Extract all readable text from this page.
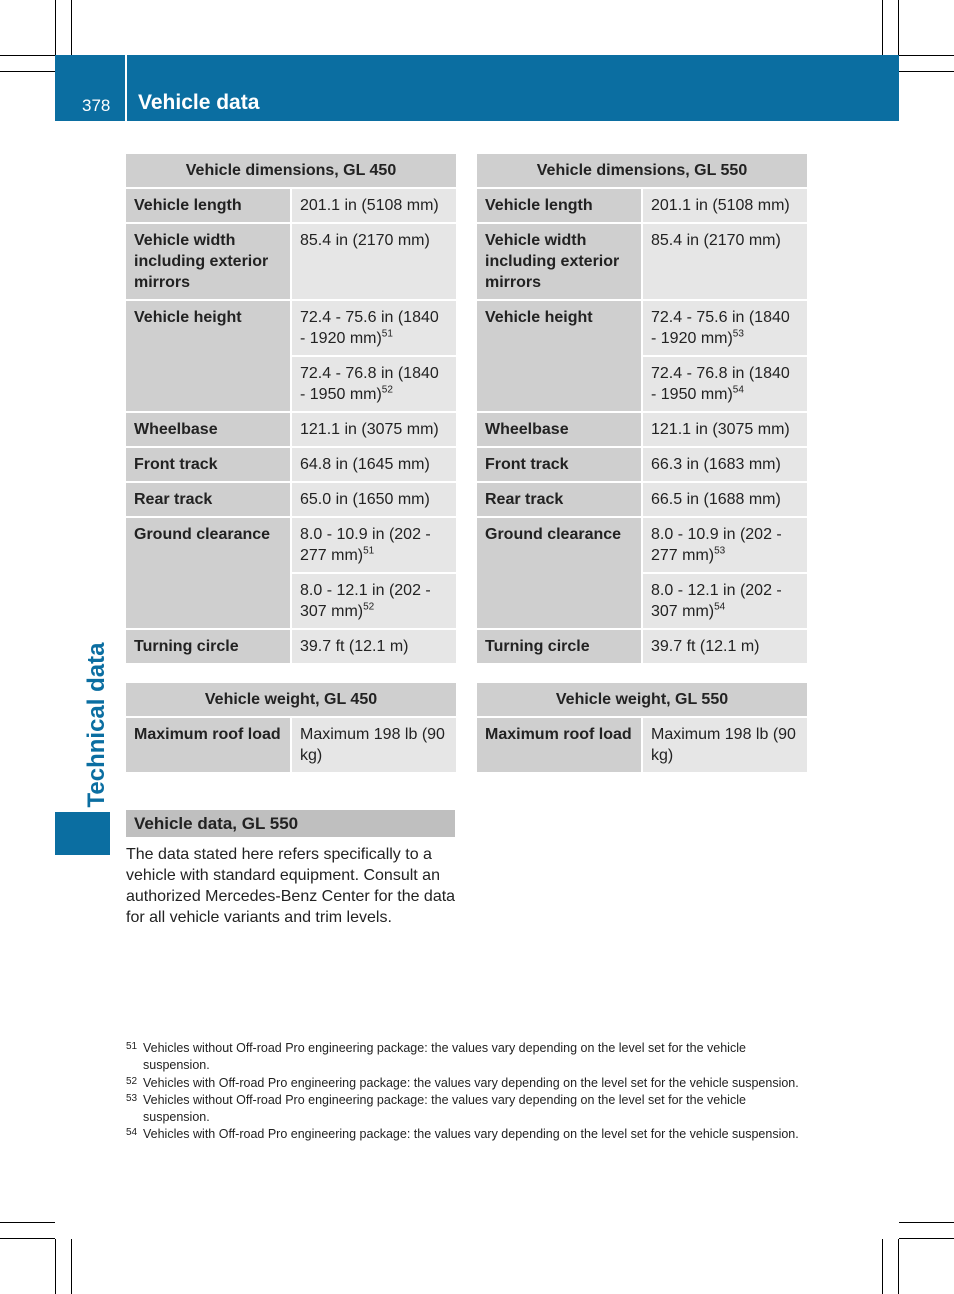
378 Vehicle data
Technical data
Vehicle dimensions, GL 450	
Vehicle length	201.1 in (5108 mm)
Vehicle width including exterior mirrors	85.4 in (2170 mm)
Vehicle height	72.4 - 75.6 in (1840 - 1920 mm)$^{51}$
	72.4 - 76.8 in (1840 - 1950 mm)$^{52}$
Wheelbase	121.1 in (3075 mm)
Front track	64.8 in (1645 mm)
Rear track	65.0 in (1650 mm)
Ground clearance	8.0 - 10.9 in (202 - 277 mm)$^{51}$
	8.0 - 12.1 in (202 - 307 mm)$^{52}$
Turning circle	39.7 ft (12.1 m)
Vehicle dimensions, GL 550	
Vehicle length	201.1 in (5108 mm)
Vehicle width including exterior mirrors	85.4 in (2170 mm)
Vehicle height	72.4 - 75.6 in (1840 - 1920 mm)$^{53}$
	72.4 - 76.8 in (1840 - 1950 mm)$^{54}$
Wheelbase	121.1 in (3075 mm)
Front track	66.3 in (1683 mm)
Rear track	66.5 in (1688 mm)
Ground clearance	8.0 - 10.9 in (202 - 277 mm)$^{53}$
	8.0 - 12.1 in (202 - 307 mm)$^{54}$
Turning circle	39.7 ft (12.1 m)
Vehicle weight, GL 450
Maximum roof load	Maximum 198 lb (90 kg)
Vehicle weight, GL 550
Maximum roof load	Maximum 198 lb (90 kg)
Vehicle data, GL 550
The data stated here refers specifically to a vehicle with standard equipment. Consult an authorized Mercedes-Benz Center for the data for all vehicle variants and trim levels.
51 Vehicles without Off-road Pro engineering package: the values vary depending on the level set for the vehicle suspension.
52 Vehicles with Off-road Pro engineering package: the values vary depending on the level set for the vehicle suspension.
53 Vehicles without Off-road Pro engineering package: the values vary depending on the level set for the vehicle suspension.
54 Vehicles with Off-road Pro engineering package: the values vary depending on the level set for the vehicle suspension.
